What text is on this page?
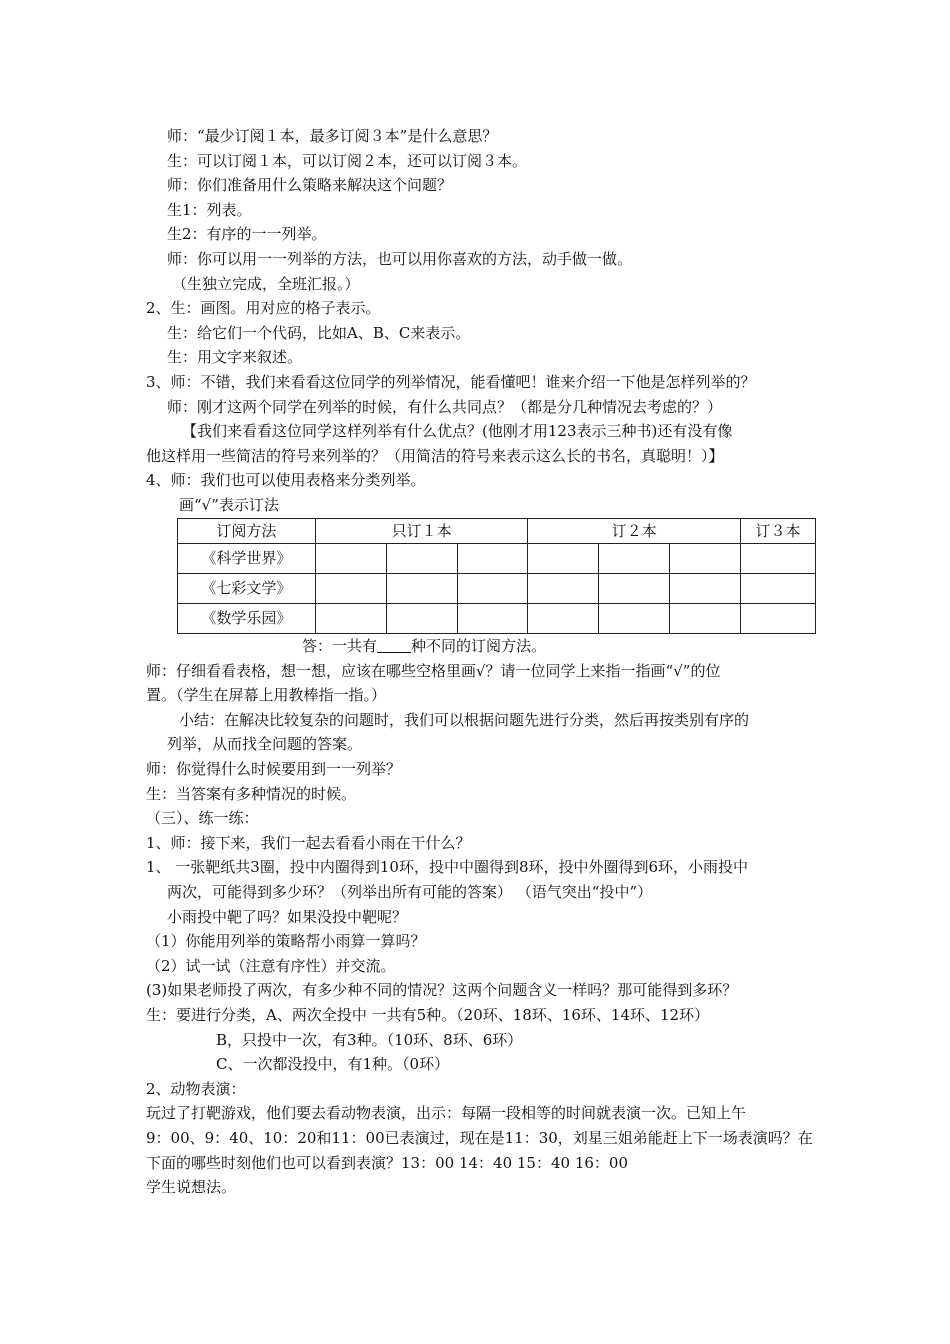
师：“最少订阅１本，最多订阅３本”是什么意思？
生：可以订阅１本，可以订阅２本，还可以订阅３本。
师：你们准备用什么策略来解决这个问题？
生1：列表。
生2：有序的一一列举。
师：你可以用一一列举的方法，也可以用你喜欢的方法，动手做一做。
（生独立完成，全班汇报。）
2、生：画图。用对应的格子表示。
生：给它们一个代码，比如A、B、C来表示。
生：用文字来叙述。
3、师：不错，我们来看看这位同学的列举情况，能看懂吧！谁来介绍一下他是怎样列举的？
师：刚才这两个同学在列举的时候，有什么共同点？（都是分几种情况去考虑的？）
【我们来看看这位同学这样列举有什么优点？(他刚才用123表示三种书)还有没有像
他这样用一些简洁的符号来列举的？（用简洁的符号来表示这么长的书名，真聪明！）】
4、师：我们也可以使用表格来分类列举。
画“√”表示订法
订阅方法	只订１本			订２本			订３本
《科学世界》							
《七彩文学》							
《数学乐园》							
答：一共有 种不同的订阅方法。
师：仔细看看表格，想一想，应该在哪些空格里画√？请一位同学上来指一指画“√”的位
置。（学生在屏幕上用教棒指一指。）
小结：在解决比较复杂的问题时，我们可以根据问题先进行分类，然后再按类别有序的
列举，从而找全问题的答案。
师：你觉得什么时候要用到一一列举？
生：当答案有多种情况的时候。
（三）、练一练：
1、师：接下来，我们一起去看看小雨在干什么？
1、 一张靶纸共3圈，投中内圈得到10环，投中中圈得到8环，投中外圈得到6环，小雨投中
两次，可能得到多少环？（列举出所有可能的答案） （语气突出“投中”）
小雨投中靶了吗？如果没投中靶呢？
（1）你能用列举的策略帮小雨算一算吗？
（2）试一试（注意有序性）并交流。
(3)如果老师投了两次，有多少种不同的情况？这两个问题含义一样吗？那可能得到多环？
生：要进行分类，A、两次全投中 一共有5种。（20环、18环、16环、14环、12环）
B，只投中一次，有3种。（10环、8环、6环）
C、一次都没投中，有1种。（0环）
2、动物表演：
玩过了打靶游戏，他们要去看动物表演，出示：每隔一段相等的时间就表演一次。已知上午
9：00、9：40、10：20和11：00已表演过，现在是11：30，刘星三姐弟能赶上下一场表演吗？在
下面的哪些时刻他们也可以看到表演？13：00 14：40 15：40 16：00
学生说想法。
